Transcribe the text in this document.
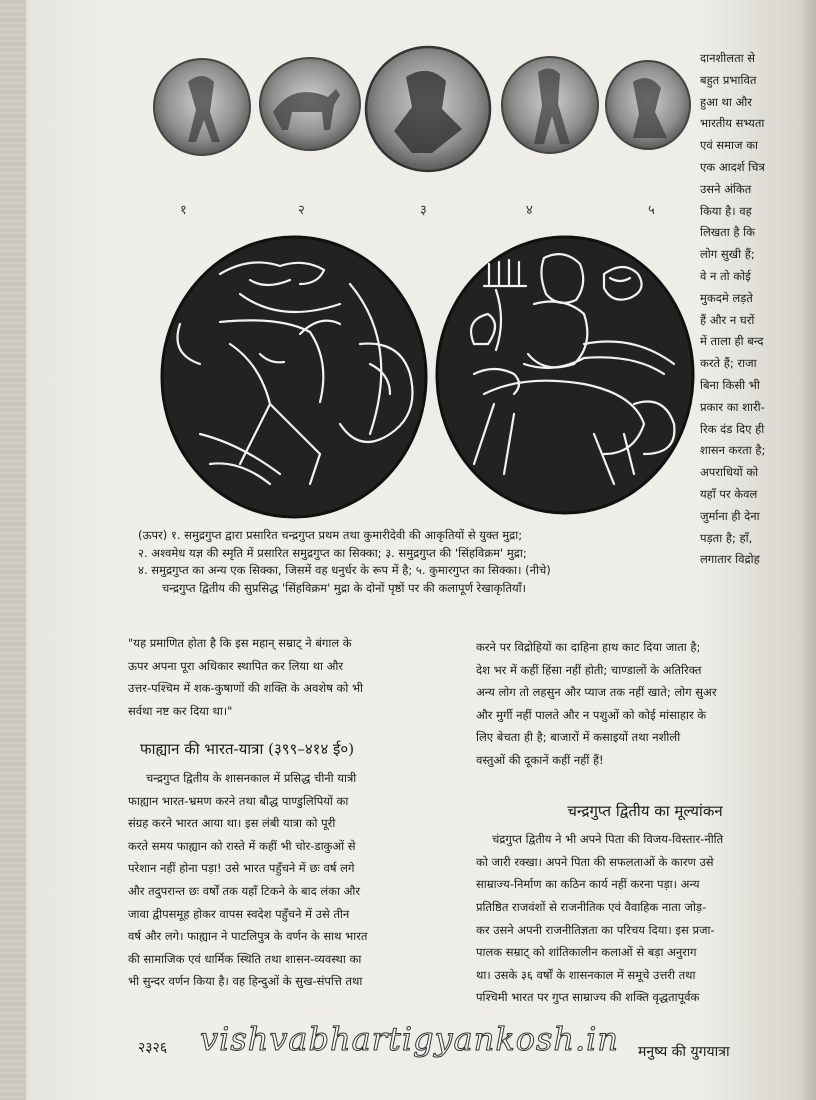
१	२	३	४	५
(ऊपर) १. समुद्रगुप्त द्वारा प्रसारित चन्द्रगुप्त प्रथम तथा कुमारीदेवी की आकृतियों से युक्त मुद्रा;
२. अश्वमेध यज्ञ की स्मृति में प्रसारित समुद्रगुप्त का सिक्का; ३. समुद्रगुप्त की 'सिंहविक्रम' मुद्रा;
४. समुद्रगुप्त का अन्य एक सिक्का, जिसमें वह धनुर्धर के रूप में है; ५. कुमारगुप्त का सिक्का। (नीचे)
चन्द्रगुप्त द्वितीय की सुप्रसिद्ध 'सिंहविक्रम' मुद्रा के दोनों पृष्ठों पर की कलापूर्ण रेखाकृतियाँ।
दानशीलता से
बहुत प्रभावित
हुआ था और
भारतीय सभ्यता
एवं समाज का
एक आदर्श चित्र
उसने अंकित
किया है। वह
लिखता है कि
लोग सुखी हैं;
वे न तो कोई
मुकदमे लड़ते
हैं और न घरों
में ताला ही बन्द
करते हैं; राजा
बिना किसी भी
प्रकार का शारी-
रिक दंड दिए ही
शासन करता है;
अपराधियों को
यहाँ पर केवल
जुर्माना ही देना
पड़ता है; हाँ,
लगातार विद्रोह
"यह प्रमाणित होता है कि इस महान् सम्राट् ने बंगाल के
ऊपर अपना पूरा अधिकार स्थापित कर लिया था और
उत्तर-पश्चिम में शक-कुषाणों की शक्ति के अवशेष को भी
सर्वथा नष्ट कर दिया था।"
फाह्यान की भारत-यात्रा (३९९–४१४ ई०)
चन्द्रगुप्त द्वितीय के शासनकाल में प्रसिद्ध चीनी यात्री
फाह्यान भारत-भ्रमण करने तथा बौद्ध पाण्डुलिपियों का
संग्रह करने भारत आया था। इस लंबी यात्रा को पूरी
करते समय फाह्यान को रास्ते में कहीं भी चोर-डाकुओं से
परेशान नहीं होना पड़ा! उसे भारत पहुँचने में छः वर्ष लगे
और तदुपरान्त छः वर्षों तक यहाँ टिकने के बाद लंका और
जावा द्वीपसमूह होकर वापस स्वदेश पहुँचने में उसे तीन
वर्ष और लगे। फाह्यान ने पाटलिपुत्र के वर्णन के साथ भारत
की सामाजिक एवं धार्मिक स्थिति तथा शासन-व्यवस्था का
भी सुन्दर वर्णन किया है। वह हिन्दुओं के सुख-संपत्ति तथा
करने पर विद्रोहियों का दाहिना हाथ काट दिया जाता है;
देश भर में कहीं हिंसा नहीं होती; चाण्डालों के अतिरिक्त
अन्य लोग तो लहसुन और प्याज तक नहीं खाते; लोग सुअर
और मुर्गी नहीं पालते और न पशुओं को कोई मांसाहार के
लिए बेचता ही है; बाजारों में कसाइयों तथा नशीली
वस्तुओं की दूकानें कहीं नहीं हैं!
चन्द्रगुप्त द्वितीय का मूल्यांकन
चंद्रगुप्त द्वितीय ने भी अपने पिता की विजय-विस्तार-नीति
को जारी रक्खा। अपने पिता की सफलताओं के कारण उसे
साम्राज्य-निर्माण का कठिन कार्य नहीं करना पड़ा। अन्य
प्रतिष्ठित राजवंशों से राजनीतिक एवं वैवाहिक नाता जोड़-
कर उसने अपनी राजनीतिज्ञता का परिचय दिया। इस प्रजा-
पालक सम्राट् को शांतिकालीन कलाओं से बड़ा अनुराग
था। उसके ३६ वर्षों के शासनकाल में समूचे उत्तरी तथा
पश्चिमी भारत पर गुप्त साम्राज्य की शक्ति वृद्धतापूर्वक
२३२६ vishvabhartigyankosh.in मनुष्य की युगयात्रा
